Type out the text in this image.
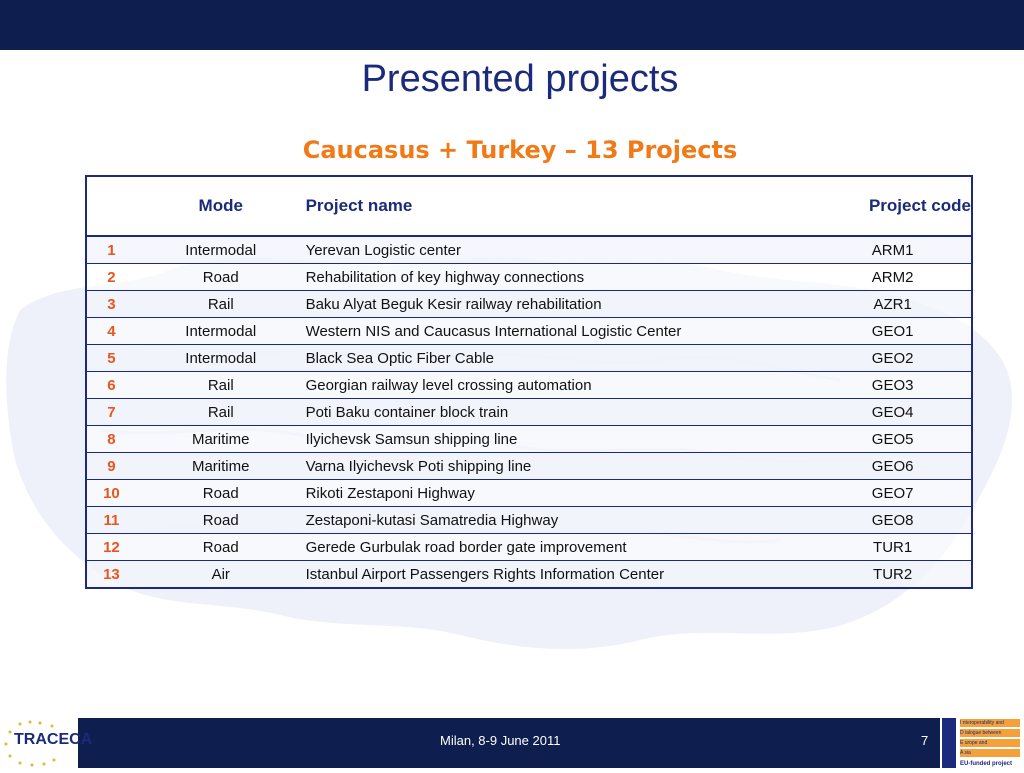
Presented projects
Caucasus + Turkey – 13 Projects
	Mode	Project name	Project code
1	Intermodal	Yerevan Logistic center	ARM1
2	Road	Rehabilitation of key highway connections	ARM2
3	Rail	Baku Alyat Beguk Kesir railway rehabilitation	AZR1
4	Intermodal	Western NIS and Caucasus International Logistic Center	GEO1
5	Intermodal	Black Sea Optic Fiber Cable	GEO2
6	Rail	Georgian railway level crossing automation	GEO3
7	Rail	Poti Baku container block train	GEO4
8	Maritime	Ilyichevsk Samsun shipping line	GEO5
9	Maritime	Varna Ilyichevsk Poti shipping line	GEO6
10	Road	Rikoti Zestaponi Highway	GEO7
11	Road	Zestaponi-kutasi Samatredia Highway	GEO8
12	Road	Gerede Gurbulak road border gate improvement	TUR1
13	Air	Istanbul Airport Passengers Rights Information Center	TUR2
TRACECA	Milan, 8-9 June 2011	7
I nteroperability and
D ialogue between
E urope and
A sia
EU-funded project
